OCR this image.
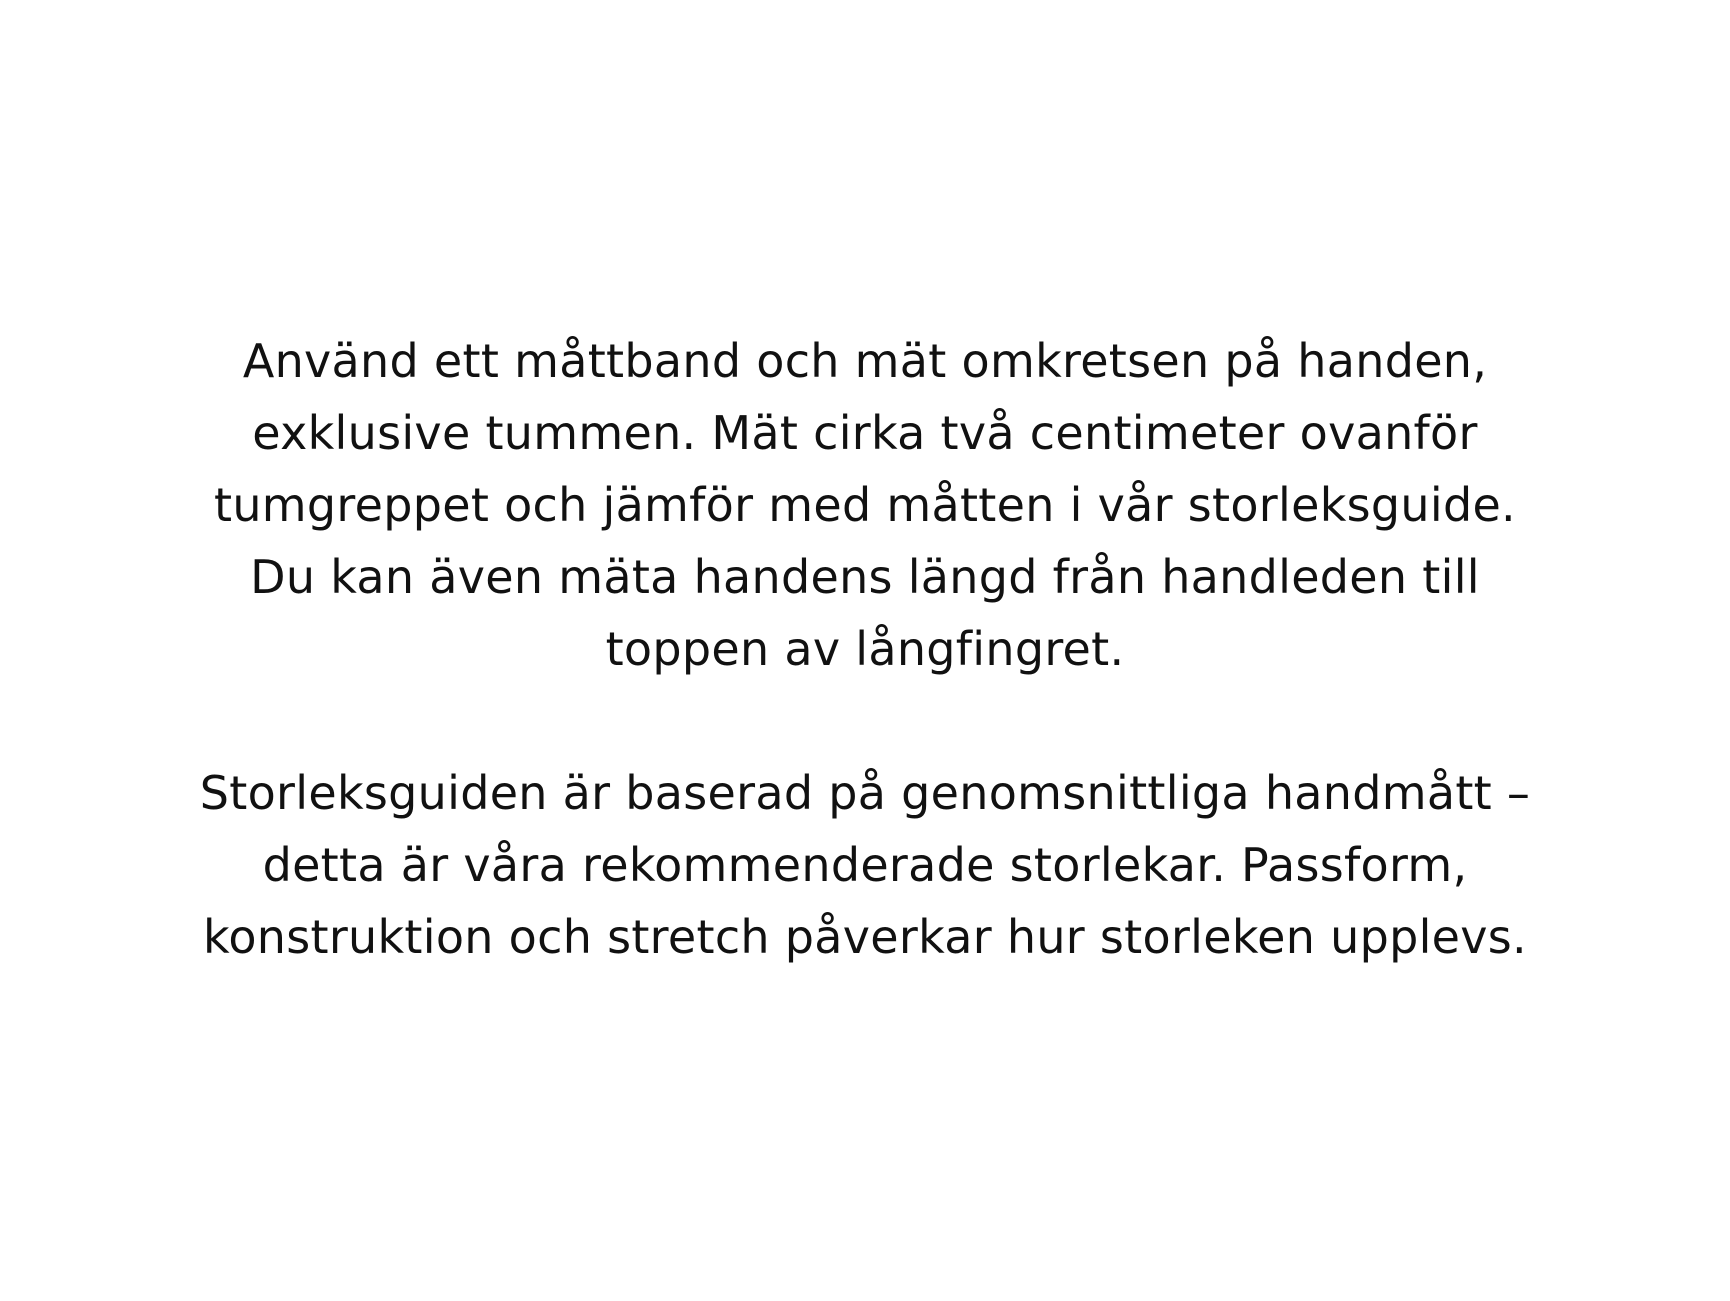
Använd ett måttband och mät omkretsen på handen,
exklusive tummen. Mät cirka två centimeter ovanför
tumgreppet och jämför med måtten i vår storleksguide.
Du kan även mäta handens längd från handleden till
toppen av långfingret.

Storleksguiden är baserad på genomsnittliga handmått –
detta är våra rekommenderade storlekar. Passform,
konstruktion och stretch påverkar hur storleken upplevs.
